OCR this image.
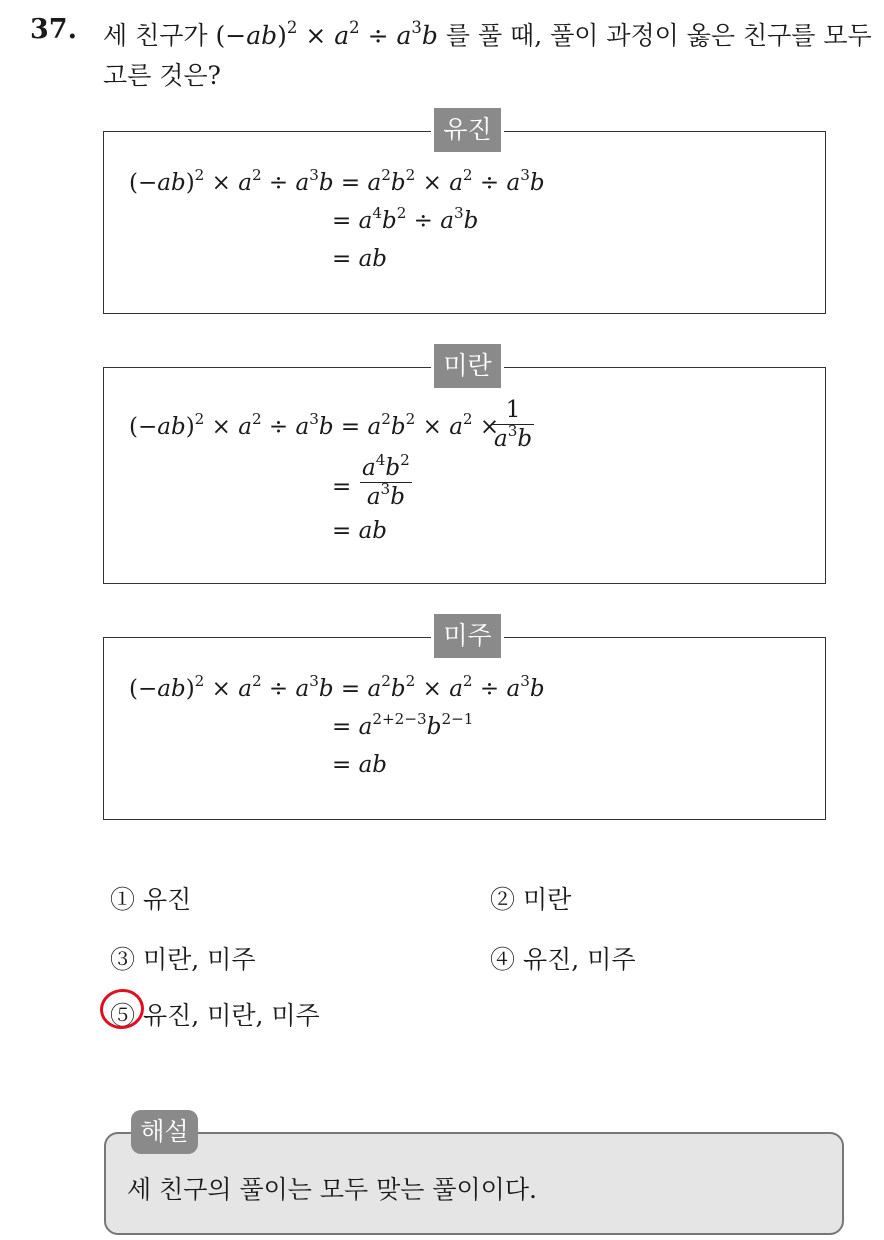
37. 세 친구가 $(-ab)^2 \times a^2 \div a^3b$ 를 풀 때, 풀이 과정이 옳은 친구를 모두 고른 것은?
유진
$(-ab)^2 \times a^2 \div a^3b = a^2b^2 \times a^2 \div a^3b$
= $a^4b^2 \div a^3b$
= ab
미란
$(-ab)^2 \times a^2 \div a^3b = a^2b^2 \times a^2$ ×
1
$a^3b$
=
$a^4b^2$
$a^3b$
= ab
미주
$(-ab)^2 \times a^2 \div a^3b = a^2b^2 \times a^2 \div a^3b$
= $a^{2+2-3}b^{2-1}$
= ab
① 유진	② 미란
③ 미란, 미주	④ 유진, 미주
⑤ 유진, 미란, 미주
해설
세 친구의 풀이는 모두 맞는 풀이이다.
